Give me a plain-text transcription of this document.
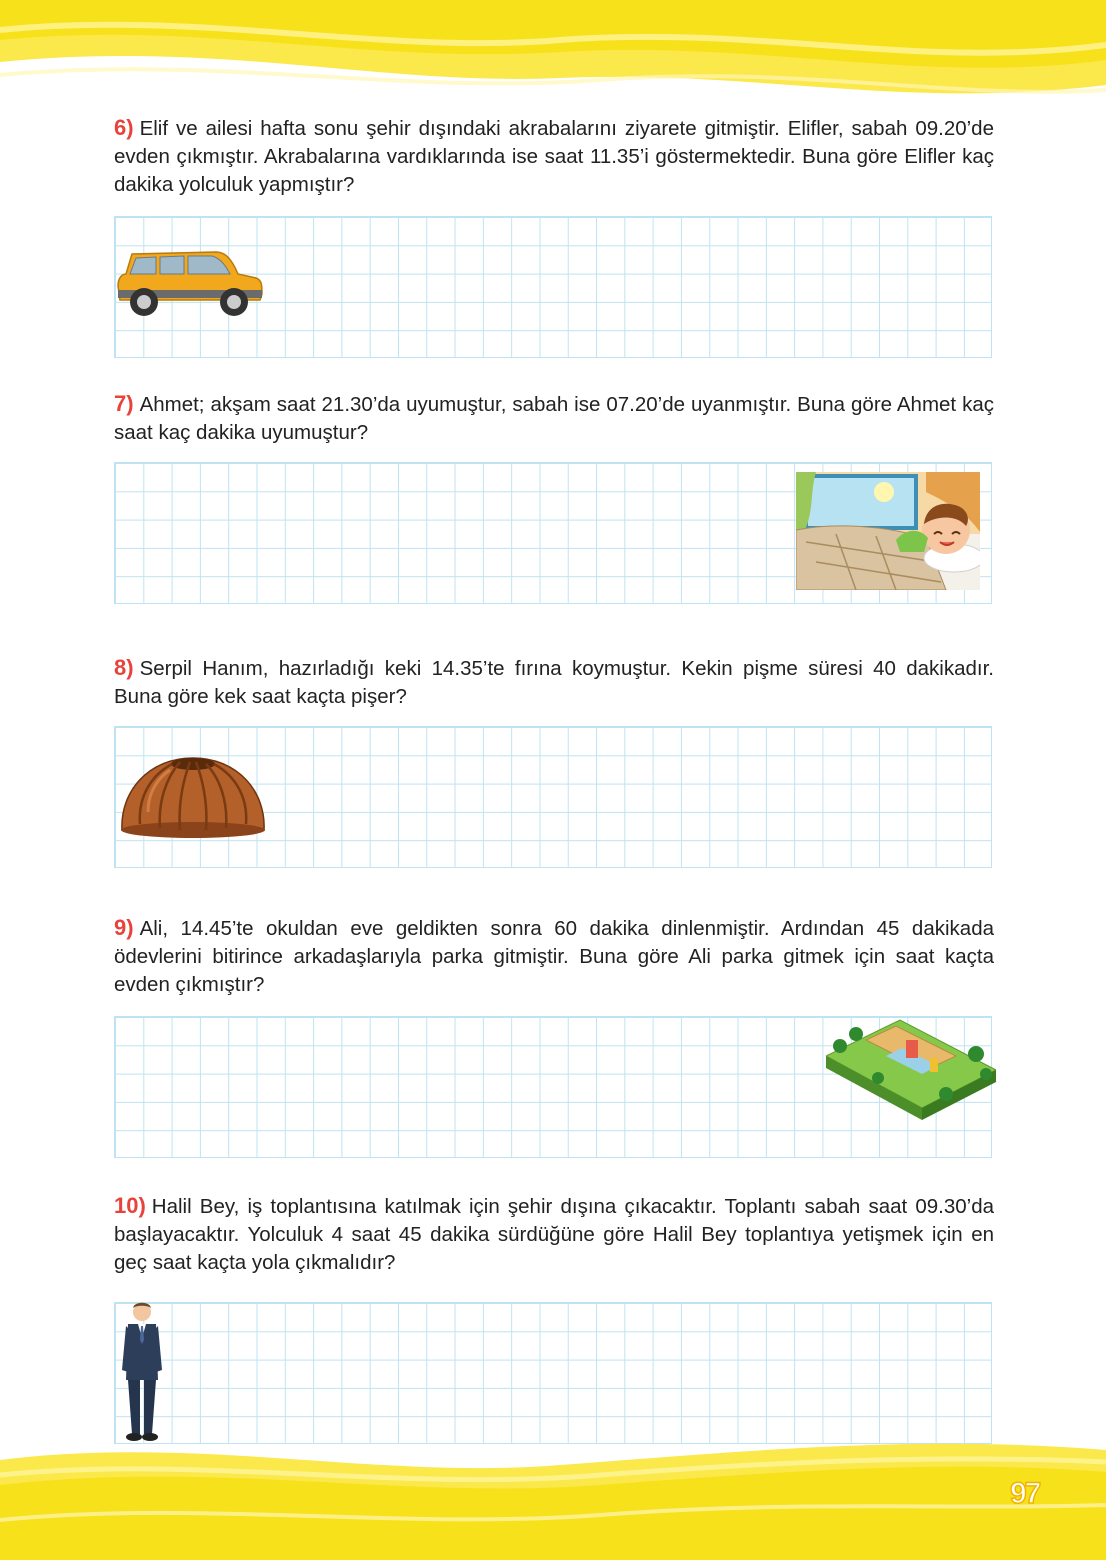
6) Elif ve ailesi hafta sonu şehir dışındaki akrabalarını ziyarete gitmiştir. Elifler, sabah 09.20’de evden çıkmıştır. Akrabalarına vardıklarında ise saat 11.35’i göstermektedir. Buna göre Elifler kaç dakika yolculuk yapmıştır?

7) Ahmet; akşam saat 21.30’da uyumuştur, sabah ise 07.20’de uyanmıştır. Buna göre Ahmet kaç saat kaç dakika uyumuştur?

8) Serpil Hanım, hazırladığı keki 14.35’te fırına koymuştur. Kekin pişme süresi 40 dakikadır. Buna göre kek saat kaçta pişer?

9) Ali, 14.45’te okuldan eve geldikten sonra 60 dakika dinlenmiştir. Ardından 45 dakikada ödevlerini bitirince arkadaşlarıyla parka gitmiştir. Buna göre Ali parka gitmek için saat kaçta evden çıkmıştır?

10) Halil Bey, iş toplantısına katılmak için şehir dışına çıkacaktır. Toplantı sabah saat 09.30’da başlayacaktır. Yolculuk 4 saat 45 dakika sürdüğüne göre Halil Bey toplantıya yetişmek için en geç saat kaçta yola çıkmalıdır?

97
